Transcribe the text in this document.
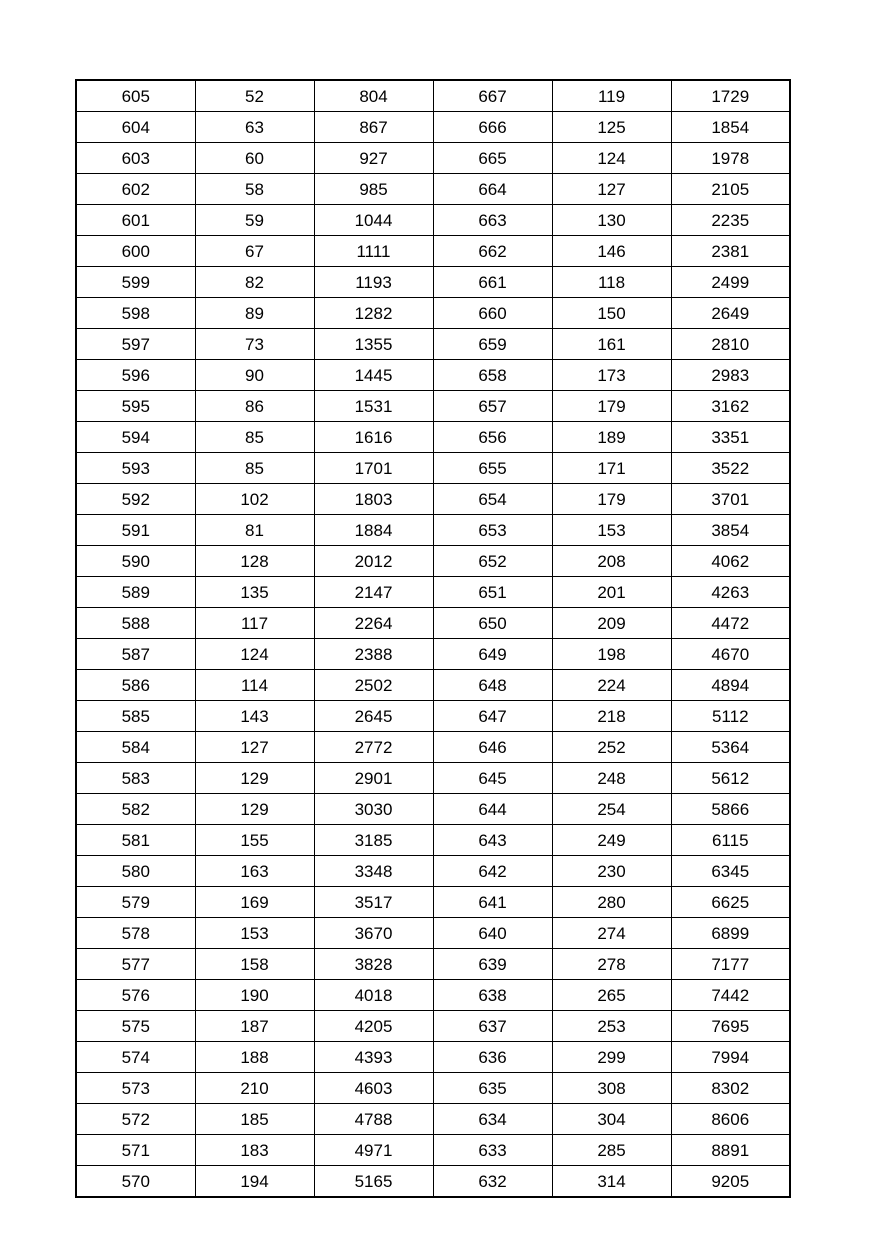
605	52	804	667	119	1729
604	63	867	666	125	1854
603	60	927	665	124	1978
602	58	985	664	127	2105
601	59	1044	663	130	2235
600	67	1111	662	146	2381
599	82	1193	661	118	2499
598	89	1282	660	150	2649
597	73	1355	659	161	2810
596	90	1445	658	173	2983
595	86	1531	657	179	3162
594	85	1616	656	189	3351
593	85	1701	655	171	3522
592	102	1803	654	179	3701
591	81	1884	653	153	3854
590	128	2012	652	208	4062
589	135	2147	651	201	4263
588	117	2264	650	209	4472
587	124	2388	649	198	4670
586	114	2502	648	224	4894
585	143	2645	647	218	5112
584	127	2772	646	252	5364
583	129	2901	645	248	5612
582	129	3030	644	254	5866
581	155	3185	643	249	6115
580	163	3348	642	230	6345
579	169	3517	641	280	6625
578	153	3670	640	274	6899
577	158	3828	639	278	7177
576	190	4018	638	265	7442
575	187	4205	637	253	7695
574	188	4393	636	299	7994
573	210	4603	635	308	8302
572	185	4788	634	304	8606
571	183	4971	633	285	8891
570	194	5165	632	314	9205
